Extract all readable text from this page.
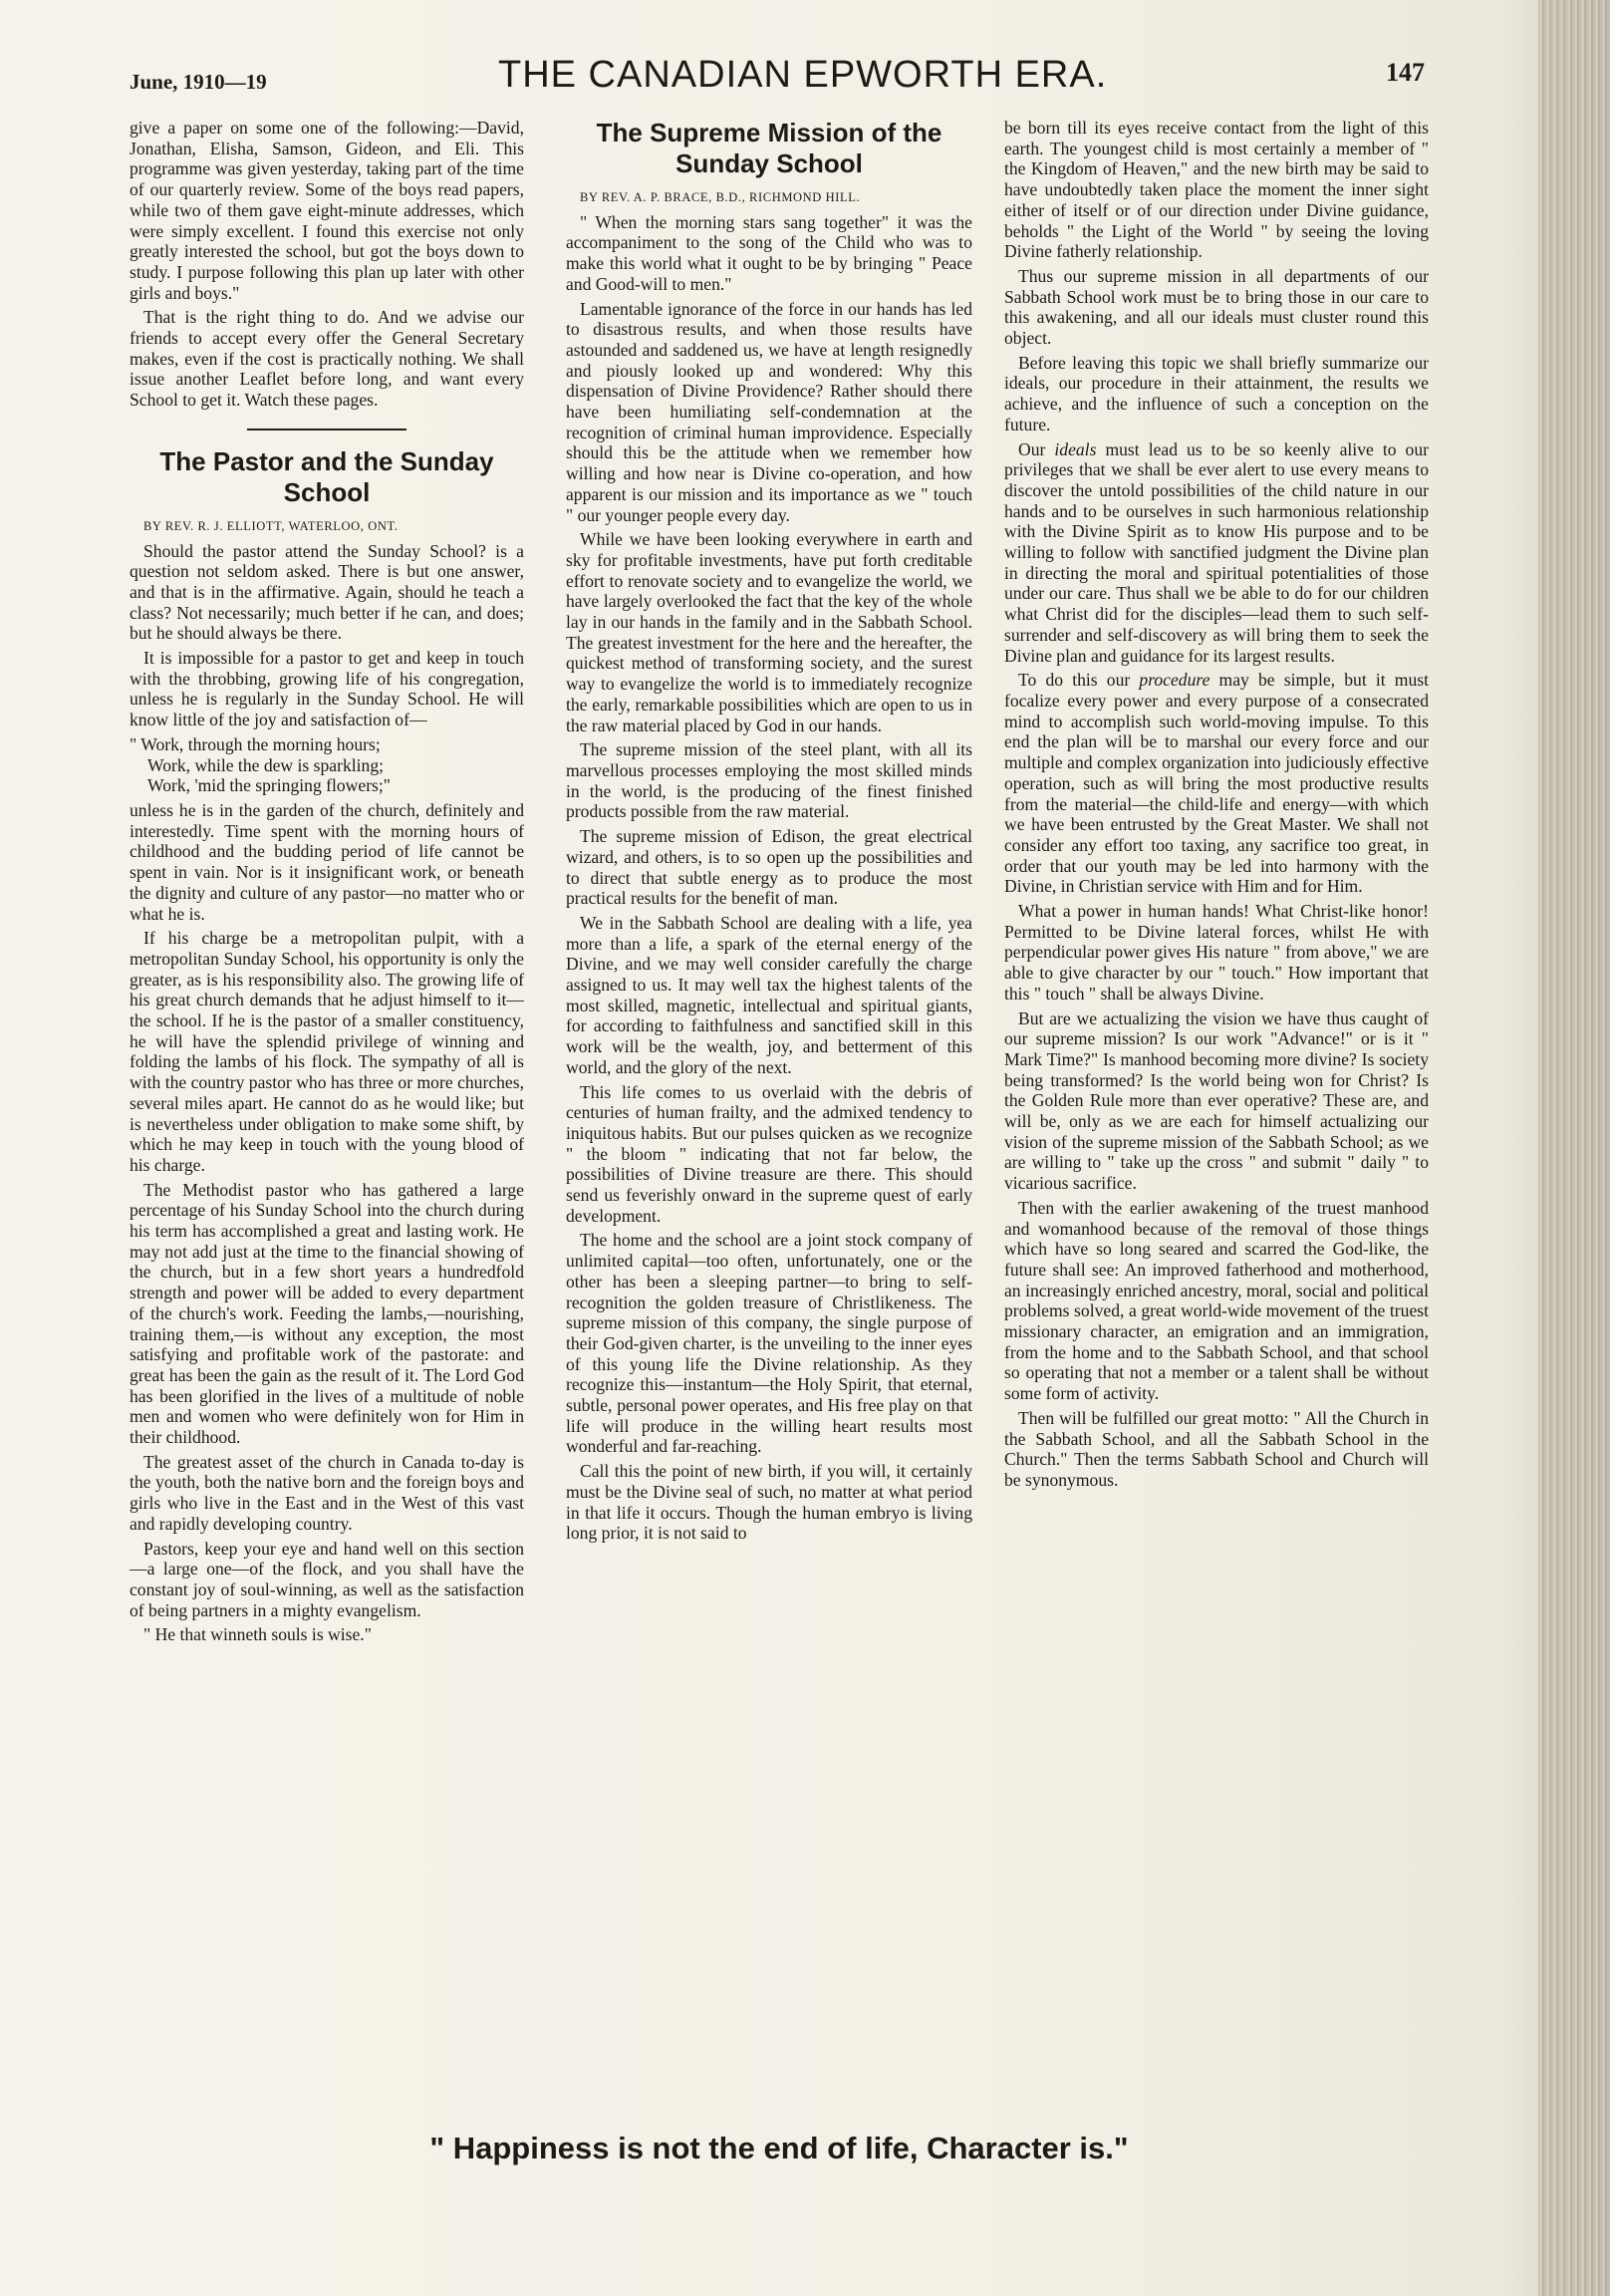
June, 1910—19	THE CANADIAN EPWORTH ERA.	147

give a paper on some one of the following:—David, Jonathan, Elisha, Samson, Gideon, and Eli. This programme was given yesterday, taking part of the time of our quarterly review. Some of the boys read papers, while two of them gave eight-minute addresses, which were simply excellent. I found this exercise not only greatly interested the school, but got the boys down to study. I purpose following this plan up later with other girls and boys."

That is the right thing to do. And we advise our friends to accept every offer the General Secretary makes, even if the cost is practically nothing. We shall issue another Leaflet before long, and want every School to get it. Watch these pages.

The Pastor and the Sunday School

BY REV. R. J. ELLIOTT, WATERLOO, ONT.

Should the pastor attend the Sunday School? is a question not seldom asked. There is but one answer, and that is in the affirmative. Again, should he teach a class? Not necessarily; much better if he can, and does; but he should always be there.

It is impossible for a pastor to get and keep in touch with the throbbing, growing life of his congregation, unless he is regularly in the Sunday School. He will know little of the joy and satisfaction of—

" Work, through the morning hours;
Work, while the dew is sparkling;
Work, 'mid the springing flowers;"

unless he is in the garden of the church, definitely and interestedly. Time spent with the morning hours of childhood and the budding period of life cannot be spent in vain. Nor is it insignificant work, or beneath the dignity and culture of any pastor—no matter who or what he is.

If his charge be a metropolitan pulpit, with a metropolitan Sunday School, his opportunity is only the greater, as is his responsibility also. The growing life of his great church demands that he adjust himself to it—the school. If he is the pastor of a smaller constituency, he will have the splendid privilege of winning and folding the lambs of his flock. The sympathy of all is with the country pastor who has three or more churches, several miles apart. He cannot do as he would like; but is nevertheless under obligation to make some shift, by which he may keep in touch with the young blood of his charge.

The Methodist pastor who has gathered a large percentage of his Sunday School into the church during his term has accomplished a great and lasting work. He may not add just at the time to the financial showing of the church, but in a few short years a hundredfold strength and power will be added to every department of the church's work. Feeding the lambs,—nourishing, training them,—is without any exception, the most satisfying and profitable work of the pastorate: and great has been the gain as the result of it. The Lord God has been glorified in the lives of a multitude of noble men and women who were definitely won for Him in their childhood.

The greatest asset of the church in Canada to-day is the youth, both the native born and the foreign boys and girls who live in the East and in the West of this vast and rapidly developing country.

Pastors, keep your eye and hand well on this section—a large one—of the flock, and you shall have the constant joy of soul-winning, as well as the satisfaction of being partners in a mighty evangelism.

" He that winneth souls is wise."

The Supreme Mission of the Sunday School

BY REV. A. P. BRACE, B.D., RICHMOND HILL.

" When the morning stars sang together" it was the accompaniment to the song of the Child who was to make this world what it ought to be by bringing " Peace and Good-will to men."

Lamentable ignorance of the force in our hands has led to disastrous results, and when those results have astounded and saddened us, we have at length resignedly and piously looked up and wondered: Why this dispensation of Divine Providence? Rather should there have been humiliating self-condemnation at the recognition of criminal human improvidence. Especially should this be the attitude when we remember how willing and how near is Divine co-operation, and how apparent is our mission and its importance as we " touch " our younger people every day.

While we have been looking everywhere in earth and sky for profitable investments, have put forth creditable effort to renovate society and to evangelize the world, we have largely overlooked the fact that the key of the whole lay in our hands in the family and in the Sabbath School. The greatest investment for the here and the hereafter, the quickest method of transforming society, and the surest way to evangelize the world is to immediately recognize the early, remarkable possibilities which are open to us in the raw material placed by God in our hands.

The supreme mission of the steel plant, with all its marvellous processes employing the most skilled minds in the world, is the producing of the finest finished products possible from the raw material.

The supreme mission of Edison, the great electrical wizard, and others, is to so open up the possibilities and to direct that subtle energy as to produce the most practical results for the benefit of man.

We in the Sabbath School are dealing with a life, yea more than a life, a spark of the eternal energy of the Divine, and we may well consider carefully the charge assigned to us. It may well tax the highest talents of the most skilled, magnetic, intellectual and spiritual giants, for according to faithfulness and sanctified skill in this work will be the wealth, joy, and betterment of this world, and the glory of the next.

This life comes to us overlaid with the debris of centuries of human frailty, and the admixed tendency to iniquitous habits. But our pulses quicken as we recognize " the bloom " indicating that not far below, the possibilities of Divine treasure are there. This should send us feverishly onward in the supreme quest of early development.

The home and the school are a joint stock company of unlimited capital—too often, unfortunately, one or the other has been a sleeping partner—to bring to self-recognition the golden treasure of Christlikeness. The supreme mission of this company, the single purpose of their God-given charter, is the unveiling to the inner eyes of this young life the Divine relationship. As they recognize this—instantum—the Holy Spirit, that eternal, subtle, personal power operates, and His free play on that life will produce in the willing heart results most wonderful and far-reaching.

Call this the point of new birth, if you will, it certainly must be the Divine seal of such, no matter at what period in that life it occurs. Though the human embryo is living long prior, it is not said to

be born till its eyes receive contact from the light of this earth. The youngest child is most certainly a member of " the Kingdom of Heaven," and the new birth may be said to have undoubtedly taken place the moment the inner sight either of itself or of our direction under Divine guidance, beholds " the Light of the World " by seeing the loving Divine fatherly relationship.

Thus our supreme mission in all departments of our Sabbath School work must be to bring those in our care to this awakening, and all our ideals must cluster round this object.

Before leaving this topic we shall briefly summarize our ideals, our procedure in their attainment, the results we achieve, and the influence of such a conception on the future.

Our ideals must lead us to be so keenly alive to our privileges that we shall be ever alert to use every means to discover the untold possibilities of the child nature in our hands and to be ourselves in such harmonious relationship with the Divine Spirit as to know His purpose and to be willing to follow with sanctified judgment the Divine plan in directing the moral and spiritual potentialities of those under our care. Thus shall we be able to do for our children what Christ did for the disciples—lead them to such self-surrender and self-discovery as will bring them to seek the Divine plan and guidance for its largest results.

To do this our procedure may be simple, but it must focalize every power and every purpose of a consecrated mind to accomplish such world-moving impulse. To this end the plan will be to marshal our every force and our multiple and complex organization into judiciously effective operation, such as will bring the most productive results from the material—the child-life and energy—with which we have been entrusted by the Great Master. We shall not consider any effort too taxing, any sacrifice too great, in order that our youth may be led into harmony with the Divine, in Christian service with Him and for Him.

What a power in human hands! What Christ-like honor! Permitted to be Divine lateral forces, whilst He with perpendicular power gives His nature " from above," we are able to give character by our " touch." How important that this " touch " shall be always Divine.

But are we actualizing the vision we have thus caught of our supreme mission? Is our work "Advance!" or is it " Mark Time?" Is manhood becoming more divine? Is society being transformed? Is the world being won for Christ? Is the Golden Rule more than ever operative? These are, and will be, only as we are each for himself actualizing our vision of the supreme mission of the Sabbath School; as we are willing to " take up the cross " and submit " daily " to vicarious sacrifice.

Then with the earlier awakening of the truest manhood and womanhood because of the removal of those things which have so long seared and scarred the God-like, the future shall see: An improved fatherhood and motherhood, an increasingly enriched ancestry, moral, social and political problems solved, a great world-wide movement of the truest missionary character, an emigration and an immigration, from the home and to the Sabbath School, and that school so operating that not a member or a talent shall be without some form of activity.

Then will be fulfilled our great motto: " All the Church in the Sabbath School, and all the Sabbath School in the Church." Then the terms Sabbath School and Church will be synonymous.

" Happiness is not the end of life, Character is."
